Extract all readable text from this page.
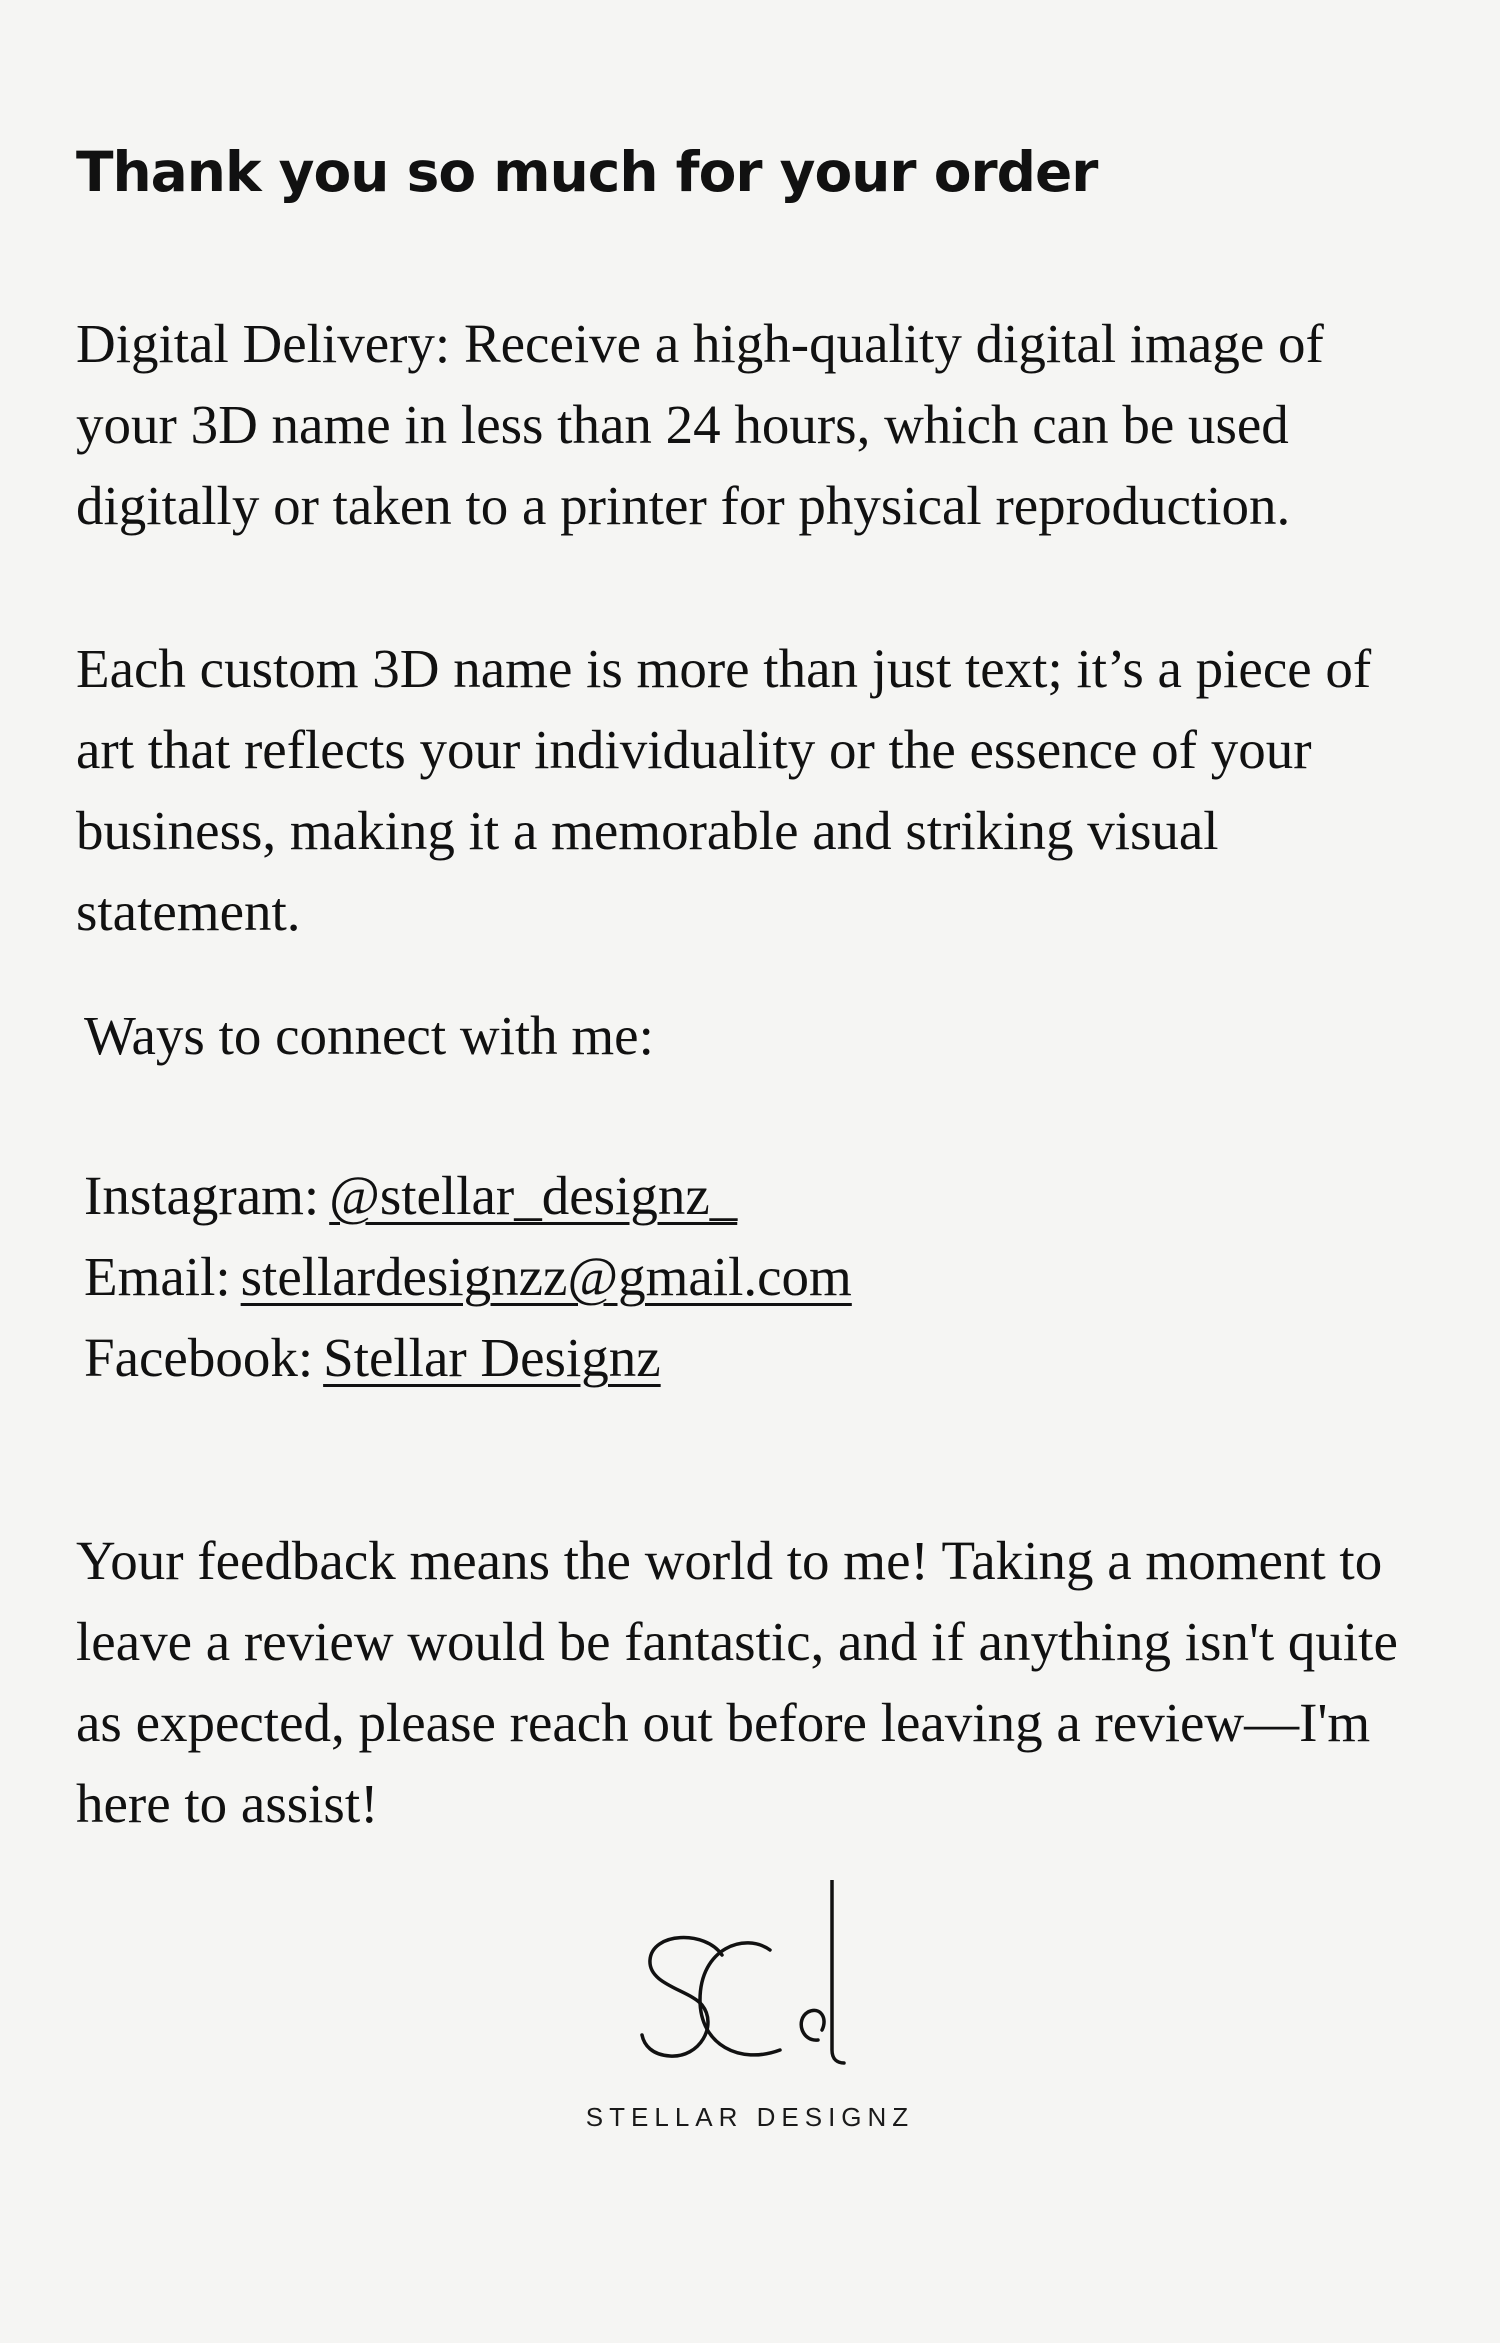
Thank you so much for your order

Digital Delivery: Receive a high-quality digital image of your 3D name in less than 24 hours, which can be used digitally or taken to a printer for physical reproduction.

Each custom 3D name is more than just text; it’s a piece of art that reflects your individuality or the essence of your business, making it a memorable and striking visual statement.

Ways to connect with me:

Instagram: @stellar_designz_
Email: stellardesignzz@gmail.com
Facebook: Stellar Designz

Your feedback means the world to me! Taking a moment to leave a review would be fantastic, and if anything isn't quite as expected, please reach out before leaving a review—I'm here to assist!

STELLAR DESIGNZ
